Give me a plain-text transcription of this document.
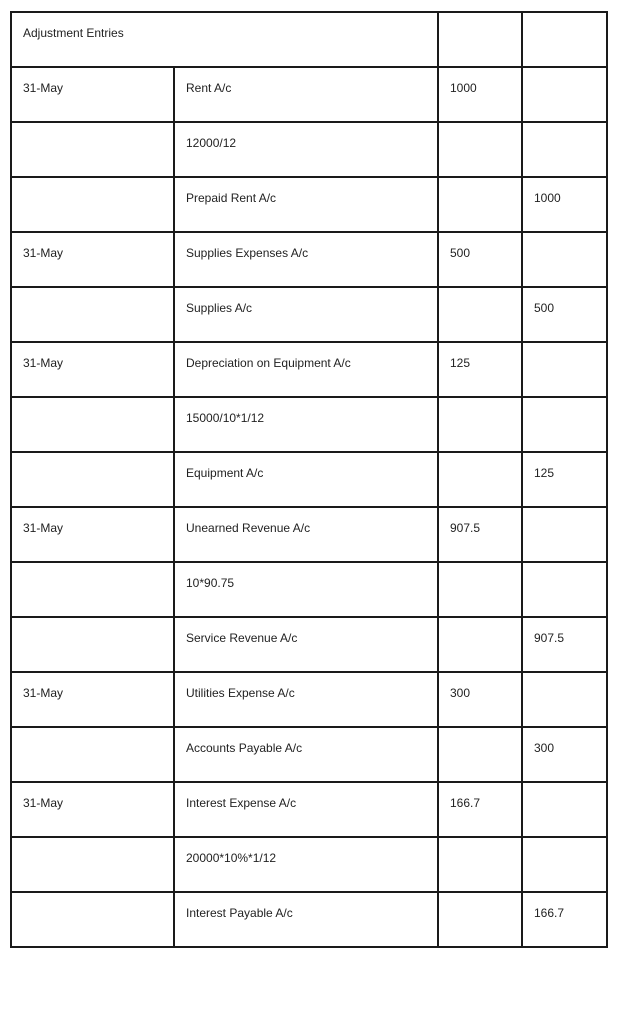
Adjustment Entries			

31-May	Rent A/c	1000	

	12000/12		

	Prepaid Rent A/c		1000

31-May	Supplies Expenses A/c	500	

	Supplies A/c		500

31-May	Depreciation on Equipment A/c	125	

	15000/10*1/12		

	Equipment A/c		125

31-May	Unearned Revenue A/c	907.5	

	10*90.75		

	Service Revenue A/c		907.5

31-May	Utilities Expense A/c	300	

	Accounts Payable A/c		300

31-May	Interest Expense A/c	166.7	

	20000*10%*1/12		

	Interest Payable A/c		166.7
